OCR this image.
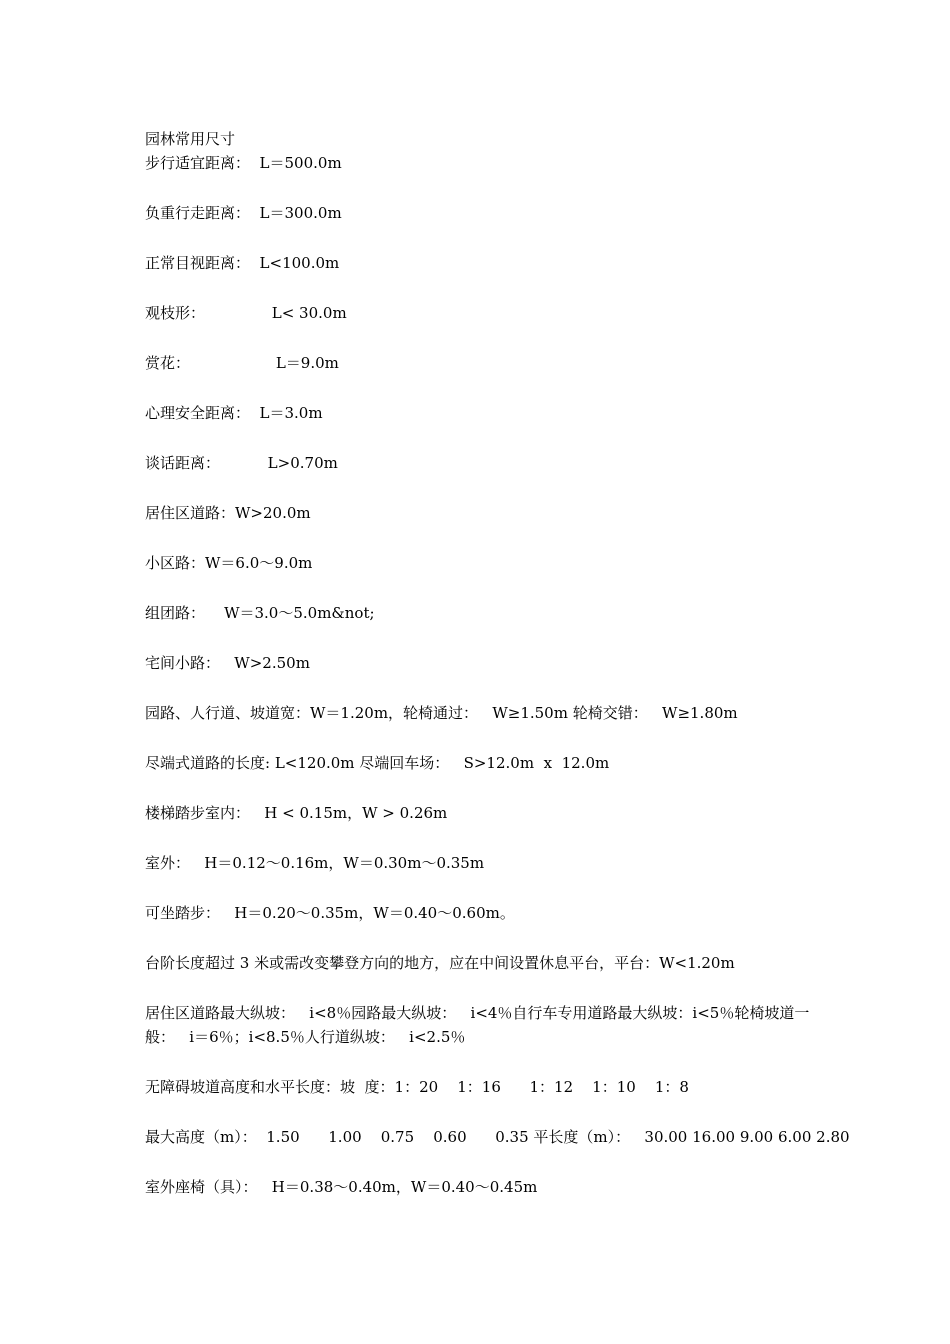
园林常用尺寸

步行适宜距离：  L＝500.0m

负重行走距离：  L＝300.0m

正常目视距离：  L<100.0m

观枝形：              L< 30.0m

赏花：                  L＝9.0m

心理安全距离：  L＝3.0m

谈话距离：          L>0.70m

居住区道路：W>20.0m

小区路：W＝6.0～9.0m

组团路：    W＝3.0～5.0m&not;

宅间小路：   W>2.50m

园路、人行道、坡道宽：W＝1.20m，轮椅通过：   W≥1.50m 轮椅交错：   W≥1.80m

尽端式道路的长度: L<120.0m 尽端回车场：   S>12.0m  x  12.0m

楼梯踏步室内：   H < 0.15m，W > 0.26m

室外：   H＝0.12～0.16m，W＝0.30m～0.35m

可坐踏步：   H＝0.20～0.35m，W＝0.40～0.60m。

台阶长度超过 3 米或需改变攀登方向的地方，应在中间设置休息平台，平台：W<1.20m

居住区道路最大纵坡：   i<8％园路最大纵坡：   i<4％自行车专用道路最大纵坡：i<5％轮椅坡道一般：   i＝6％；i<8.5％人行道纵坡：   i<2.5％

无障碍坡道高度和水平长度：坡  度：1：20    1：16      1：12    1：10    1：8

最大高度（m）：  1.50      1.00    0.75    0.60      0.35 平长度（m）：   30.00 16.00 9.00 6.00 2.80

室外座椅（具）：   H＝0.38～0.40m，W＝0.40～0.45m
